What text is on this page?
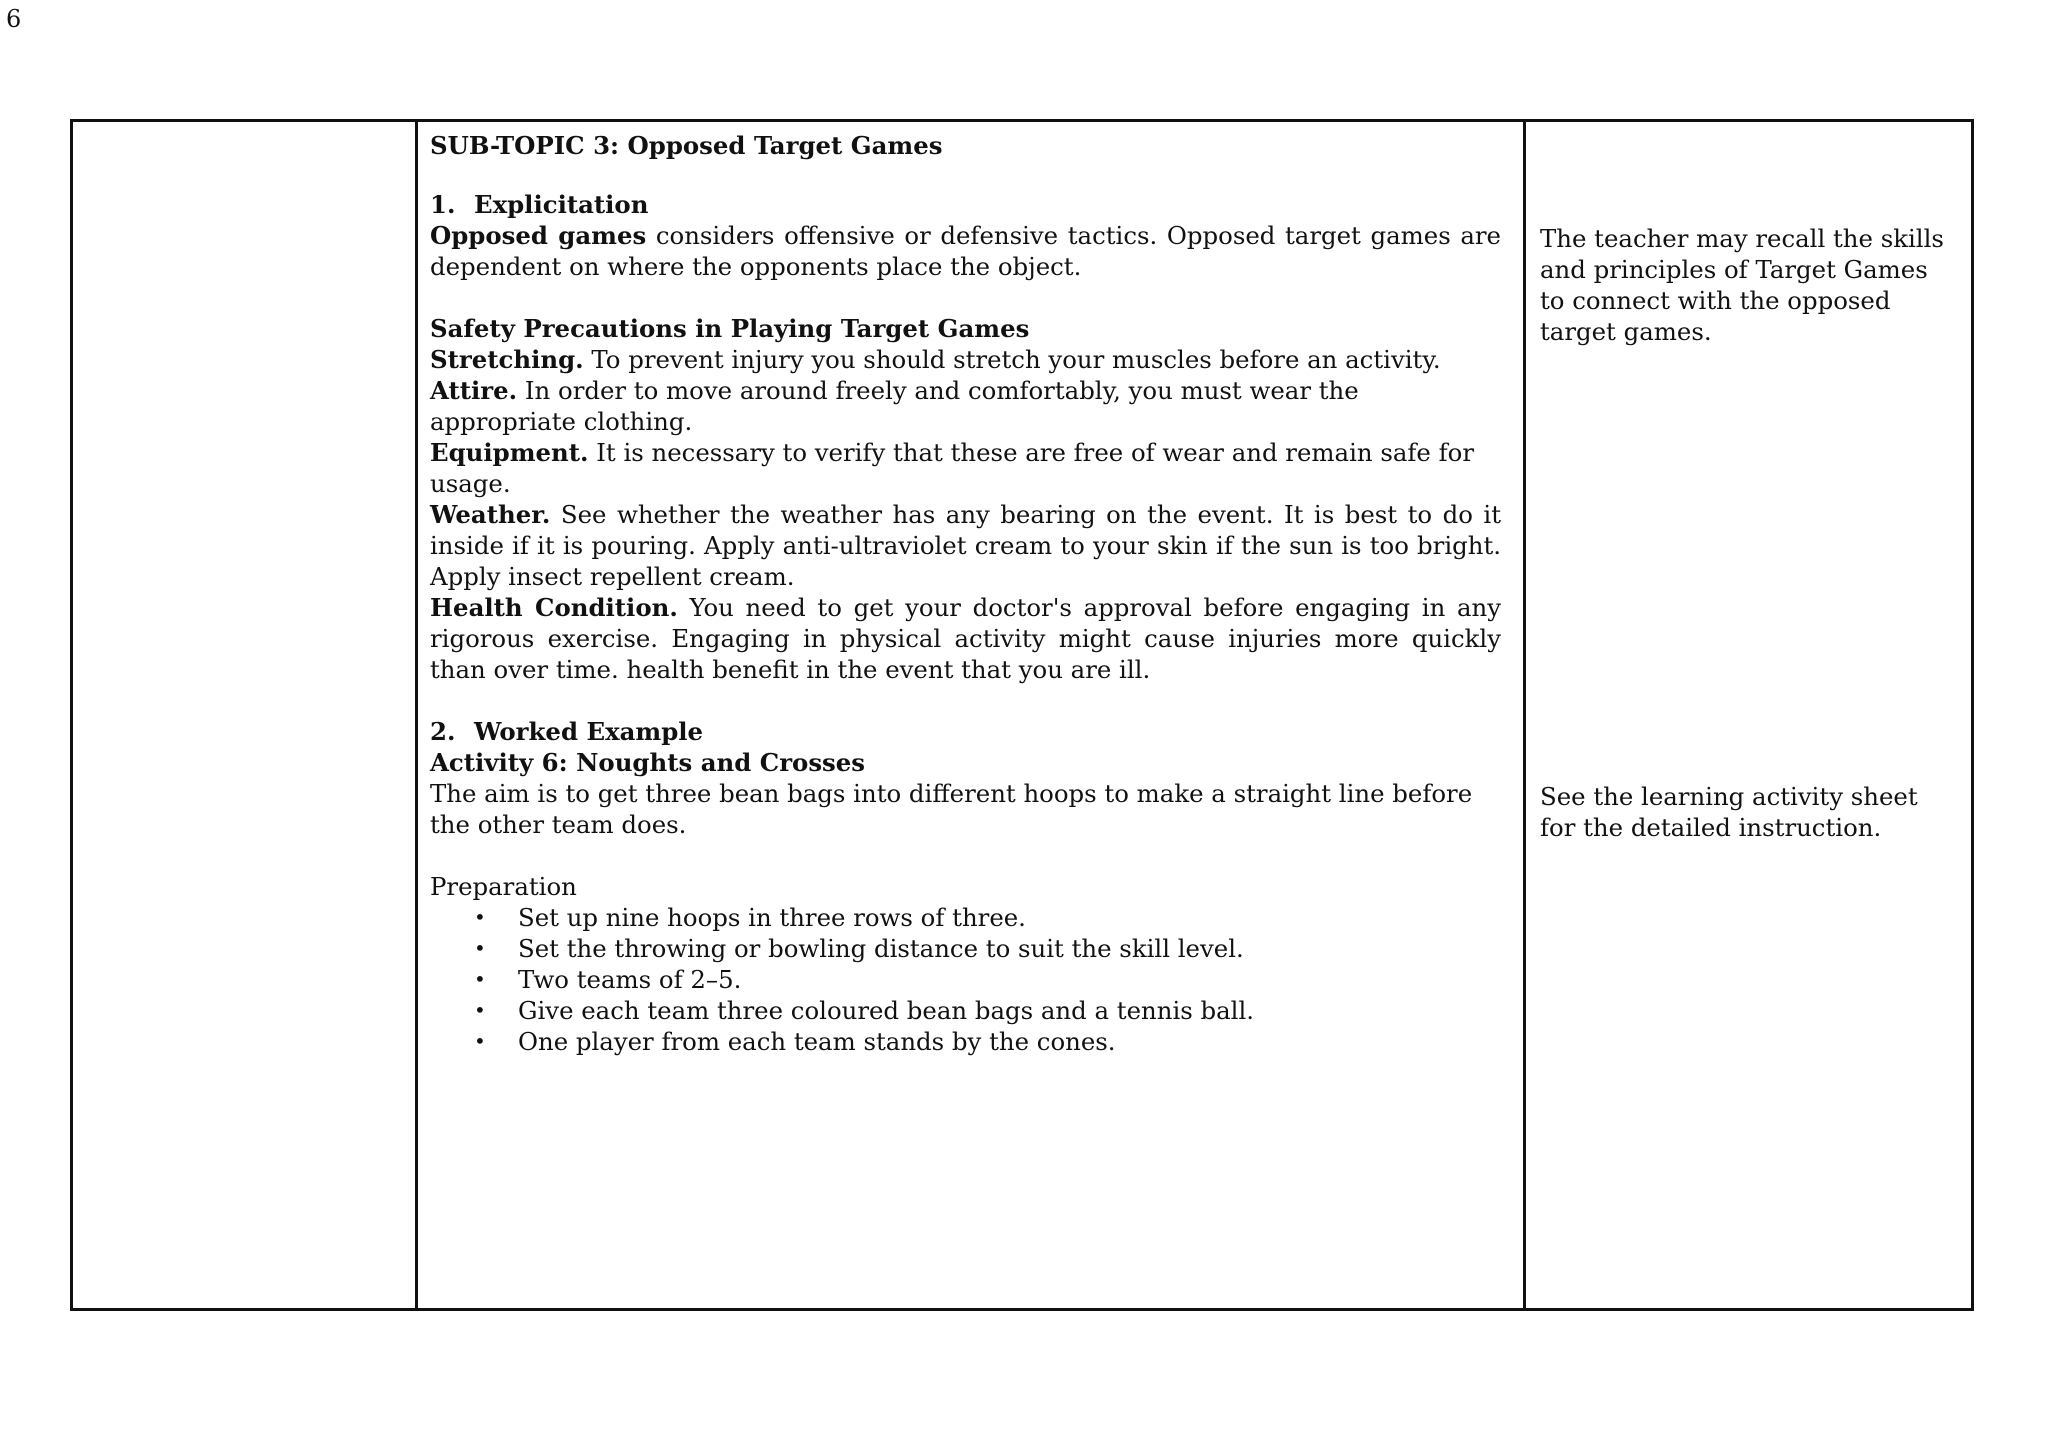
6
SUB-TOPIC 3: Opposed Target Games
1. Explicitation
Opposed games considers offensive or defensive tactics. Opposed target games are dependent on where the opponents place the object.
Safety Precautions in Playing Target Games
Stretching. To prevent injury you should stretch your muscles before an activity.
Attire. In order to move around freely and comfortably, you must wear the appropriate clothing.
Equipment. It is necessary to verify that these are free of wear and remain safe for usage.
Weather. See whether the weather has any bearing on the event. It is best to do it inside if it is pouring. Apply anti-ultraviolet cream to your skin if the sun is too bright. Apply insect repellent cream.
Health Condition. You need to get your doctor's approval before engaging in any rigorous exercise. Engaging in physical activity might cause injuries more quickly than over time. health benefit in the event that you are ill.
2. Worked Example
Activity 6: Noughts and Crosses
The aim is to get three bean bags into different hoops to make a straight line before the other team does.
Preparation
•	Set up nine hoops in three rows of three.
•	Set the throwing or bowling distance to suit the skill level.
•	Two teams of 2–5.
•	Give each team three coloured bean bags and a tennis ball.
•	One player from each team stands by the cones.
The teacher may recall the skills and principles of Target Games to connect with the opposed target games.
See the learning activity sheet for the detailed instruction.
